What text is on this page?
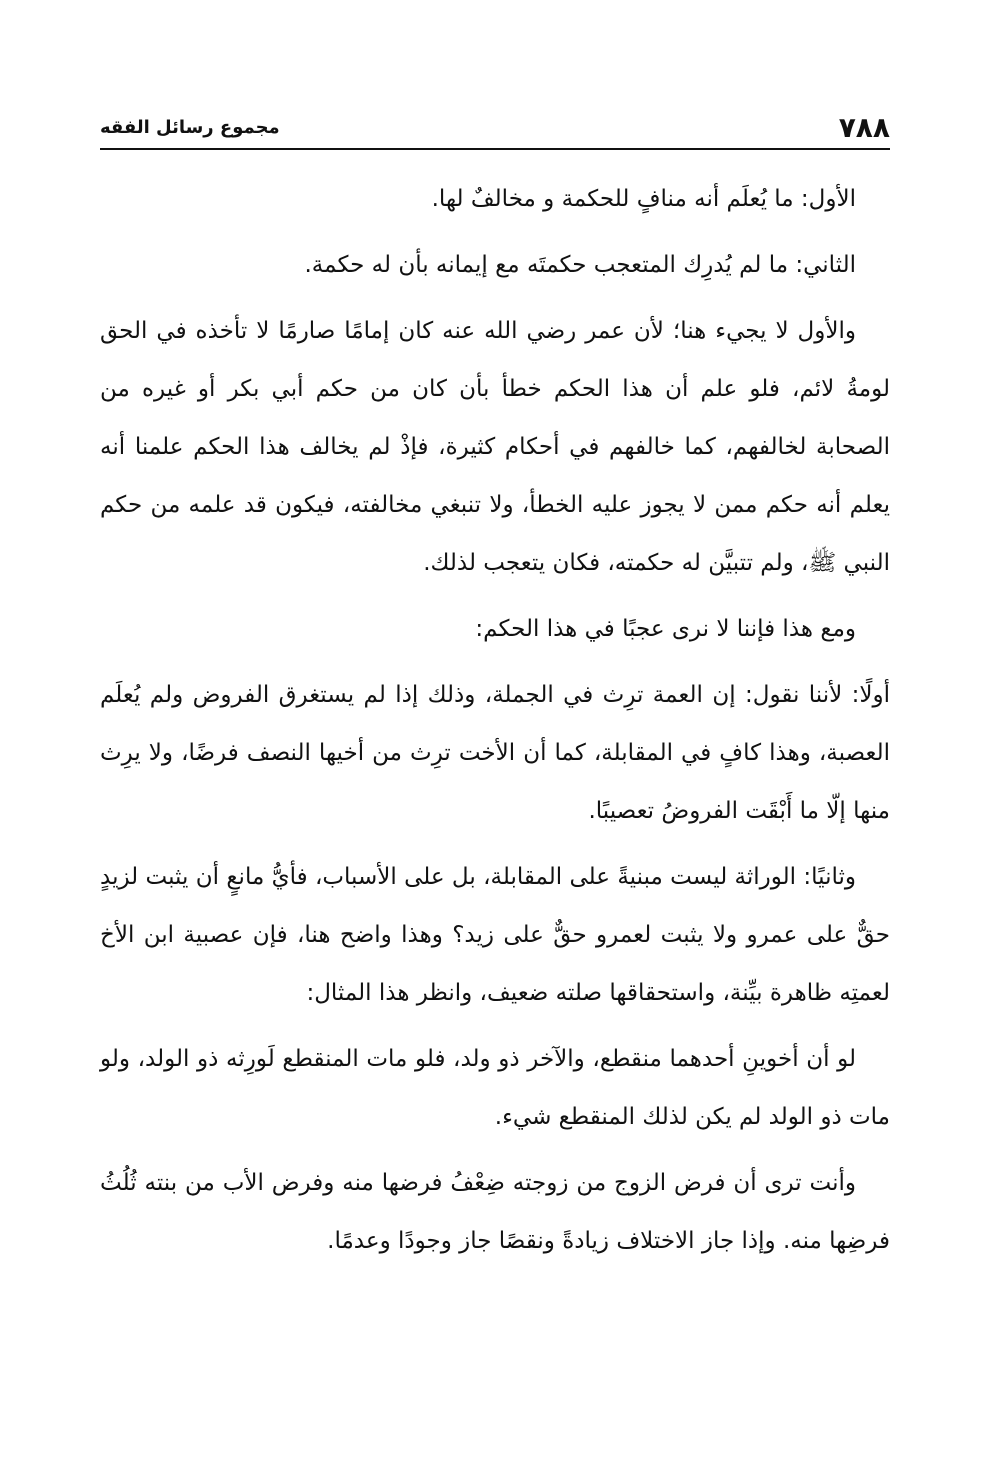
٧٨٨
مجموع رسائل الفقه

الأول: ما يُعلَم أنه منافٍ للحكمة و مخالفٌ لها.

الثاني: ما لم يُدرِك المتعجب حكمتَه مع إيمانه بأن له حكمة.

والأول لا يجيء هنا؛ لأن عمر رضي الله عنه كان إمامًا صارمًا لا تأخذه في الحق لومةُ لائم، فلو علم أن هذا الحكم خطأ بأن كان من حكم أبي بكر أو غيره من الصحابة لخالفهم، كما خالفهم في أحكام كثيرة، فإذْ لم يخالف هذا الحكم علمنا أنه يعلم أنه حكم ممن لا يجوز عليه الخطأ، ولا تنبغي مخالفته، فيكون قد علمه من حكم النبي ﷺ، ولم تتبيَّن له حكمته، فكان يتعجب لذلك.

ومع هذا فإننا لا نرى عجبًا في هذا الحكم:

أولًا: لأننا نقول: إن العمة ترِث في الجملة، وذلك إذا لم يستغرق الفروض ولم يُعلَم العصبة، وهذا كافٍ في المقابلة، كما أن الأخت ترِث من أخيها النصف فرضًا، ولا يرِث منها إلّا ما أَبْقَت الفروضُ تعصيبًا.

وثانيًا: الوراثة ليست مبنيةً على المقابلة، بل على الأسباب، فأيُّ مانعٍ أن يثبت لزيدٍ حقٌّ على عمرو ولا يثبت لعمرو حقٌّ على زيد؟ وهذا واضح هنا، فإن عصبية ابن الأخ لعمتِه ظاهرة بيِّنة، واستحقاقها صلته ضعيف، وانظر هذا المثال:

لو أن أخوينِ أحدهما منقطع، والآخر ذو ولد، فلو مات المنقطع لَورِثه ذو الولد، ولو مات ذو الولد لم يكن لذلك المنقطع شيء.

وأنت ترى أن فرض الزوج من زوجته ضِعْفُ فرضها منه وفرض الأب من بنته ثُلُثُ فرضِها منه. وإذا جاز الاختلاف زيادةً ونقصًا جاز وجودًا وعدمًا.
